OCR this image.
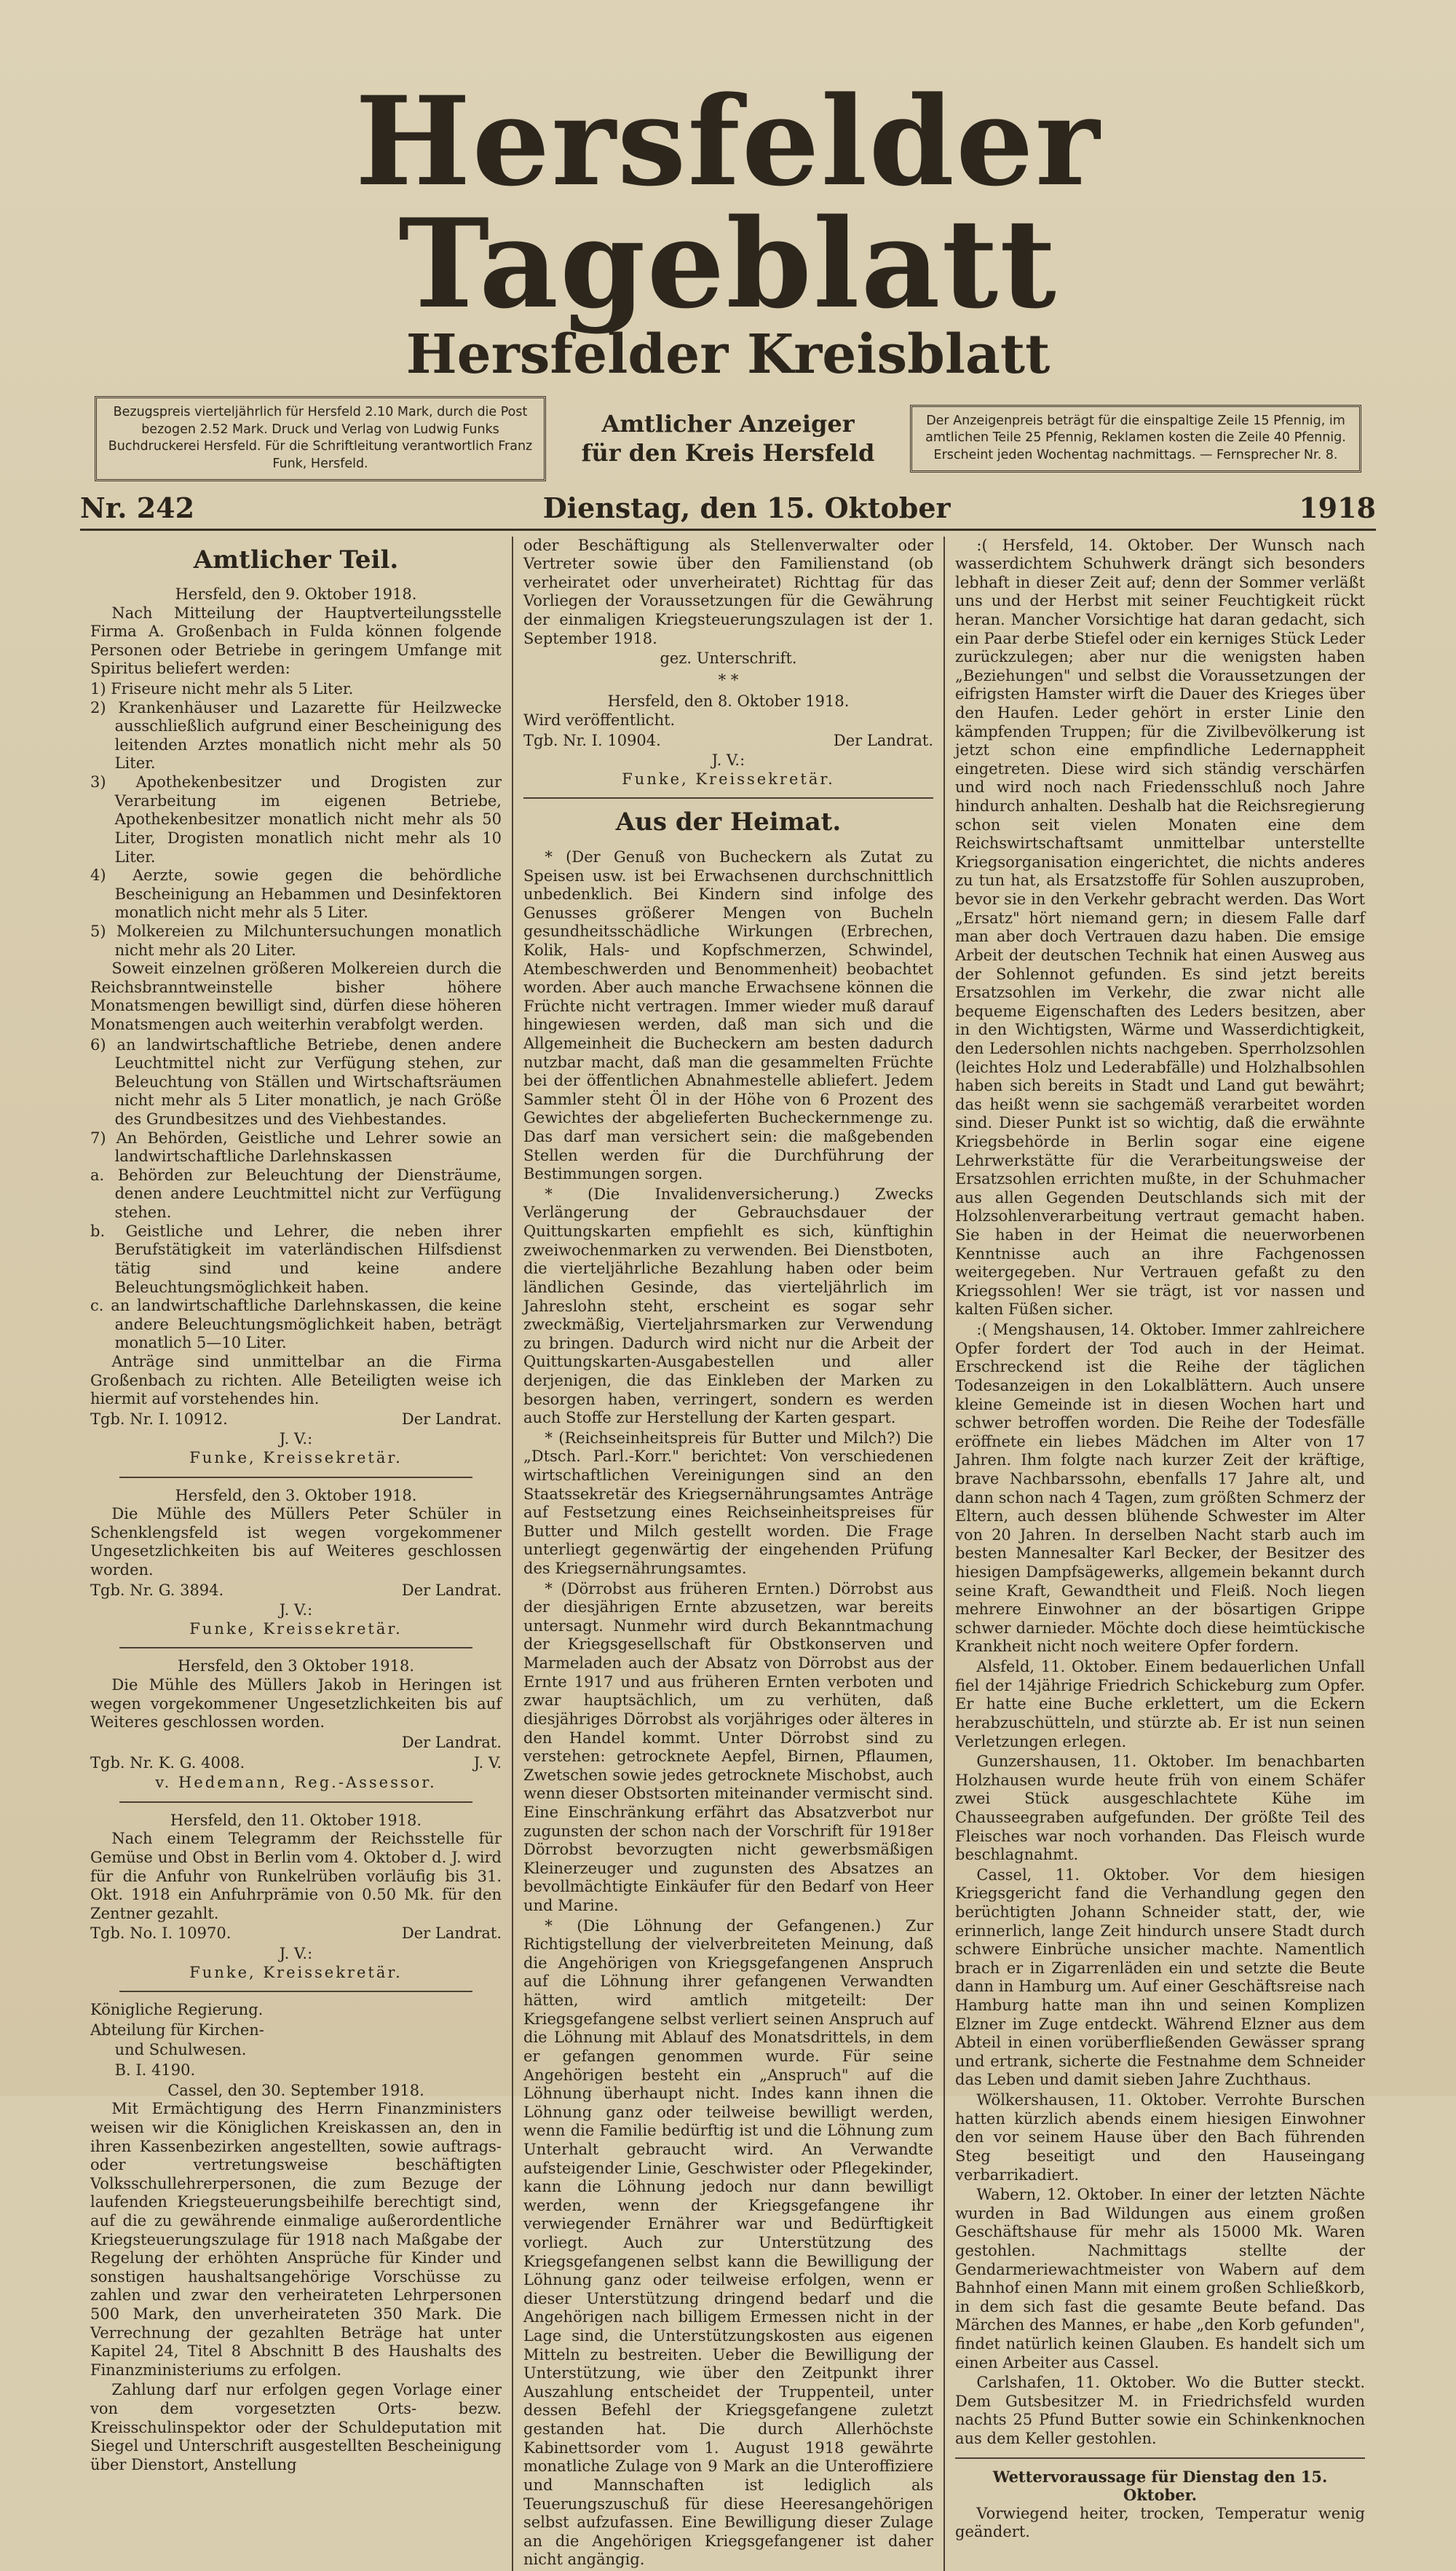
Hersfelder Tageblatt
Hersfelder Kreisblatt
Bezugspreis vierteljährlich für Hersfeld 2.10 Mark, durch die Post bezogen 2.52 Mark. Druck und Verlag von Ludwig Funks Buchdruckerei Hersfeld. Für die Schriftleitung verantwortlich Franz Funk, Hersfeld.
Amtlicher Anzeiger
für den Kreis Hersfeld
Der Anzeigenpreis beträgt für die einspaltige Zeile 15 Pfennig, im amtlichen Teile 25 Pfennig, Reklamen kosten die Zeile 40 Pfennig. Erscheint jeden Wochentag nachmittags. — Fernsprecher Nr. 8.
Nr. 242	Dienstag, den 15. Oktober	1918
Amtlicher Teil.
Hersfeld, den 9. Oktober 1918.

Nach Mitteilung der Hauptverteilungsstelle Firma A. Großenbach in Fulda können folgende Personen oder Betriebe in geringem Umfange mit Spiritus beliefert werden:

1) Friseure nicht mehr als 5 Liter.
2) Krankenhäuser und Lazarette für Heilzwecke ausschließlich aufgrund einer Bescheinigung des leitenden Arztes monatlich nicht mehr als 50 Liter.
3) Apothekenbesitzer und Drogisten zur Verarbeitung im eigenen Betriebe, Apothekenbesitzer monatlich nicht mehr als 50 Liter, Drogisten monatlich nicht mehr als 10 Liter.
4) Aerzte, sowie gegen die behördliche Bescheinigung an Hebammen und Desinfektoren monatlich nicht mehr als 5 Liter.
5) Molkereien zu Milchuntersuchungen monatlich nicht mehr als 20 Liter.

Soweit einzelnen größeren Molkereien durch die Reichsbranntweinstelle bisher höhere Monatsmengen bewilligt sind, dürfen diese höheren Monatsmengen auch weiterhin verabfolgt werden.

6) an landwirtschaftliche Betriebe, denen andere Leuchtmittel nicht zur Verfügung stehen, zur Beleuchtung von Ställen und Wirtschaftsräumen nicht mehr als 5 Liter monatlich, je nach Größe des Grundbesitzes und des Viehbestandes.
7) An Behörden, Geistliche und Lehrer sowie an landwirtschaftliche Darlehnskassen
a. Behörden zur Beleuchtung der Diensträume, denen andere Leuchtmittel nicht zur Verfügung stehen.
b. Geistliche und Lehrer, die neben ihrer Berufstätigkeit im vaterländischen Hilfsdienst tätig sind und keine andere Beleuchtungsmöglichkeit haben.
c. an landwirtschaftliche Darlehnskassen, die keine andere Beleuchtungsmöglichkeit haben, beträgt monatlich 5—10 Liter.

Anträge sind unmittelbar an die Firma Großenbach zu richten. Alle Beteiligten weise ich hiermit auf vorstehendes hin.

Tgb. Nr. I. 10912.	Der Landrat.
J. V.:
Funke, Kreissekretär.
Hersfeld, den 3. Oktober 1918.

Die Mühle des Müllers Peter Schüler in Schenklengsfeld ist wegen vorgekommener Ungesetzlichkeiten bis auf Weiteres geschlossen worden.

Tgb. Nr. G. 3894.	Der Landrat.
J. V.:
Funke, Kreissekretär.
Hersfeld, den 3 Oktober 1918.

Die Mühle des Müllers Jakob in Heringen ist wegen vorgekommener Ungesetzlichkeiten bis auf Weiteres geschlossen worden.

Der Landrat.
Tgb. Nr. K. G. 4008.	J. V.
v. Hedemann, Reg.-Assessor.
Hersfeld, den 11. Oktober 1918.

Nach einem Telegramm der Reichsstelle für Gemüse und Obst in Berlin vom 4. Oktober d. J. wird für die Anfuhr von Runkelrüben vorläufig bis 31. Okt. 1918 ein Anfuhrprämie von 0.50 Mk. für den Zentner gezahlt.

Tgb. No. I. 10970.	Der Landrat.
J. V.:
Funke, Kreissekretär.
Königliche Regierung.
Abteilung für Kirchen-
und Schulwesen.
B. I. 4190.
Cassel, den 30. September 1918.

Mit Ermächtigung des Herrn Finanzministers weisen wir die Königlichen Kreiskassen an, den in ihren Kassenbezirken angestellten, sowie auftrags- oder vertretungsweise beschäftigten Volksschullehrerpersonen, die zum Bezuge der laufenden Kriegsteuerungsbeihilfe berechtigt sind, auf die zu gewährende einmalige außerordentliche Kriegsteuerungszulage für 1918 nach Maßgabe der Regelung der erhöhten Ansprüche für Kinder und sonstigen haushaltsangehörige Vorschüsse zu zahlen und zwar den verheirateten Lehrpersonen 500 Mark, den unverheirateten 350 Mark. Die Verrechnung der gezahlten Beträge hat unter Kapitel 24, Titel 8 Abschnitt B des Haushalts des Finanzministeriums zu erfolgen.

Zahlung darf nur erfolgen gegen Vorlage einer von dem vorgesetzten Orts- bezw. Kreisschulinspektor oder der Schuldeputation mit Siegel und Unterschrift ausgestellten Bescheinigung über Dienstort, Anstellung

oder Beschäftigung als Stellenverwalter oder Vertreter sowie über den Familienstand (ob verheiratet oder unverheiratet) Richttag für das Vorliegen der Voraussetzungen für die Gewährung der einmaligen Kriegsteuerungszulagen ist der 1. September 1918.

gez. Unterschrift.
* *
Hersfeld, den 8. Oktober 1918.
Wird veröffentlicht.
Tgb. Nr. I. 10904.	Der Landrat.
J. V.:
Funke, Kreissekretär.
Aus der Heimat.

* (Der Genuß von Bucheckern als Zutat zu Speisen usw. ist bei Erwachsenen durchschnittlich unbedenklich. Bei Kindern sind infolge des Genusses größerer Mengen von Bucheln gesundheitsschädliche Wirkungen (Erbrechen, Kolik, Hals- und Kopfschmerzen, Schwindel, Atembeschwerden und Benommenheit) beobachtet worden. Aber auch manche Erwachsene können die Früchte nicht vertragen. Immer wieder muß darauf hingewiesen werden, daß man sich und die Allgemeinheit die Bucheckern am besten dadurch nutzbar macht, daß man die gesammelten Früchte bei der öffentlichen Abnahmestelle abliefert. Jedem Sammler steht Öl in der Höhe von 6 Prozent des Gewichtes der abgelieferten Bucheckernmenge zu. Das darf man versichert sein: die maßgebenden Stellen werden für die Durchführung der Bestimmungen sorgen.

* (Die Invalidenversicherung.) Zwecks Verlängerung der Gebrauchsdauer der Quittungskarten empfiehlt es sich, künftighin zweiwochenmarken zu verwenden. Bei Dienstboten, die vierteljährliche Bezahlung haben oder beim ländlichen Gesinde, das vierteljährlich im Jahreslohn steht, erscheint es sogar sehr zweckmäßig, Vierteljahrsmarken zur Verwendung zu bringen. Dadurch wird nicht nur die Arbeit der Quittungskarten-Ausgabestellen und aller derjenigen, die das Einkleben der Marken zu besorgen haben, verringert, sondern es werden auch Stoffe zur Herstellung der Karten gespart.

* (Reichseinheitspreis für Butter und Milch?) Die „Dtsch. Parl.-Korr." berichtet: Von verschiedenen wirtschaftlichen Vereinigungen sind an den Staatssekretär des Kriegsernährungsamtes Anträge auf Festsetzung eines Reichseinheitspreises für Butter und Milch gestellt worden. Die Frage unterliegt gegenwärtig der eingehenden Prüfung des Kriegsernährungsamtes.

* (Dörrobst aus früheren Ernten.) Dörrobst aus der diesjährigen Ernte abzusetzen, war bereits untersagt. Nunmehr wird durch Bekanntmachung der Kriegsgesellschaft für Obstkonserven und Marmeladen auch der Absatz von Dörrobst aus der Ernte 1917 und aus früheren Ernten verboten und zwar hauptsächlich, um zu verhüten, daß diesjähriges Dörrobst als vorjähriges oder älteres in den Handel kommt. Unter Dörrobst sind zu verstehen: getrocknete Aepfel, Birnen, Pflaumen, Zwetschen sowie jedes getrocknete Mischobst, auch wenn dieser Obstsorten miteinander vermischt sind. Eine Einschränkung erfährt das Absatzverbot nur zugunsten der schon nach der Vorschrift für 1918er Dörrobst bevorzugten nicht gewerbsmäßigen Kleinerzeuger und zugunsten des Absatzes an bevollmächtigte Einkäufer für den Bedarf von Heer und Marine.

* (Die Löhnung der Gefangenen.) Zur Richtigstellung der vielverbreiteten Meinung, daß die Angehörigen von Kriegsgefangenen Anspruch auf die Löhnung ihrer gefangenen Verwandten hätten, wird amtlich mitgeteilt: Der Kriegsgefangene selbst verliert seinen Anspruch auf die Löhnung mit Ablauf des Monatsdrittels, in dem er gefangen genommen wurde. Für seine Angehörigen besteht ein „Anspruch" auf die Löhnung überhaupt nicht. Indes kann ihnen die Löhnung ganz oder teilweise bewilligt werden, wenn die Familie bedürftig ist und die Löhnung zum Unterhalt gebraucht wird. An Verwandte aufsteigender Linie, Geschwister oder Pflegekinder, kann die Löhnung jedoch nur dann bewilligt werden, wenn der Kriegsgefangene ihr verwiegender Ernährer war und Bedürftigkeit vorliegt. Auch zur Unterstützung des Kriegsgefangenen selbst kann die Bewilligung der Löhnung ganz oder teilweise erfolgen, wenn er dieser Unterstützung dringend bedarf und die Angehörigen nach billigem Ermessen nicht in der Lage sind, die Unterstützungskosten aus eigenen Mitteln zu bestreiten. Ueber die Bewilligung der Unterstützung, wie über den Zeitpunkt ihrer Auszahlung entscheidet der Truppenteil, unter dessen Befehl der Kriegsgefangene zuletzt gestanden hat. Die durch Allerhöchste Kabinettsorder vom 1. August 1918 gewährte monatliche Zulage von 9 Mark an die Unteroffiziere und Mannschaften ist lediglich als Teuerungszuschuß für diese Heeresangehörigen selbst aufzufassen. Eine Bewilligung dieser Zulage an die Angehörigen Kriegsgefangener ist daher nicht angängig.

:( Hersfeld, 14. Oktober. Der Wunsch nach wasserdichtem Schuhwerk drängt sich besonders lebhaft in dieser Zeit auf; denn der Sommer verläßt uns und der Herbst mit seiner Feuchtigkeit rückt heran. Mancher Vorsichtige hat daran gedacht, sich ein Paar derbe Stiefel oder ein kerniges Stück Leder zurückzulegen; aber nur die wenigsten haben „Beziehungen" und selbst die Voraussetzungen der eifrigsten Hamster wirft die Dauer des Krieges über den Haufen. Leder gehört in erster Linie den kämpfenden Truppen; für die Zivilbevölkerung ist jetzt schon eine empfindliche Ledernappheit eingetreten. Diese wird sich ständig verschärfen und wird noch nach Friedensschluß noch Jahre hindurch anhalten. Deshalb hat die Reichsregierung schon seit vielen Monaten eine dem Reichswirtschaftsamt unmittelbar unterstellte Kriegsorganisation eingerichtet, die nichts anderes zu tun hat, als Ersatzstoffe für Sohlen auszuproben, bevor sie in den Verkehr gebracht werden. Das Wort „Ersatz" hört niemand gern; in diesem Falle darf man aber doch Vertrauen dazu haben. Die emsige Arbeit der deutschen Technik hat einen Ausweg aus der Sohlennot gefunden. Es sind jetzt bereits Ersatzsohlen im Verkehr, die zwar nicht alle bequeme Eigenschaften des Leders besitzen, aber in den Wichtigsten, Wärme und Wasserdichtigkeit, den Ledersohlen nichts nachgeben. Sperrholzsohlen (leichtes Holz und Lederabfälle) und Holzhalbsohlen haben sich bereits in Stadt und Land gut bewährt; das heißt wenn sie sachgemäß verarbeitet worden sind. Dieser Punkt ist so wichtig, daß die erwähnte Kriegsbehörde in Berlin sogar eine eigene Lehrwerkstätte für die Verarbeitungsweise der Ersatzsohlen errichten mußte, in der Schuhmacher aus allen Gegenden Deutschlands sich mit der Holzsohlenverarbeitung vertraut gemacht haben. Sie haben in der Heimat die neuerworbenen Kenntnisse auch an ihre Fachgenossen weitergegeben. Nur Vertrauen gefaßt zu den Kriegssohlen! Wer sie trägt, ist vor nassen und kalten Füßen sicher.

:( Mengshausen, 14. Oktober. Immer zahlreichere Opfer fordert der Tod auch in der Heimat. Erschreckend ist die Reihe der täglichen Todesanzeigen in den Lokalblättern. Auch unsere kleine Gemeinde ist in diesen Wochen hart und schwer betroffen worden. Die Reihe der Todesfälle eröffnete ein liebes Mädchen im Alter von 17 Jahren. Ihm folgte nach kurzer Zeit der kräftige, brave Nachbarssohn, ebenfalls 17 Jahre alt, und dann schon nach 4 Tagen, zum größten Schmerz der Eltern, auch dessen blühende Schwester im Alter von 20 Jahren. In derselben Nacht starb auch im besten Mannesalter Karl Becker, der Besitzer des hiesigen Dampfsägewerks, allgemein bekannt durch seine Kraft, Gewandtheit und Fleiß. Noch liegen mehrere Einwohner an der bösartigen Grippe schwer darnieder. Möchte doch diese heimtückische Krankheit nicht noch weitere Opfer fordern.

Alsfeld, 11. Oktober. Einem bedauerlichen Unfall fiel der 14jährige Friedrich Schickeburg zum Opfer. Er hatte eine Buche erklettert, um die Eckern herabzuschütteln, und stürzte ab. Er ist nun seinen Verletzungen erlegen.

Gunzershausen, 11. Oktober. Im benachbarten Holzhausen wurde heute früh von einem Schäfer zwei Stück ausgeschlachtete Kühe im Chausseegraben aufgefunden. Der größte Teil des Fleisches war noch vorhanden. Das Fleisch wurde beschlagnahmt.

Cassel, 11. Oktober. Vor dem hiesigen Kriegsgericht fand die Verhandlung gegen den berüchtigten Johann Schneider statt, der, wie erinnerlich, lange Zeit hindurch unsere Stadt durch schwere Einbrüche unsicher machte. Namentlich brach er in Zigarrenläden ein und setzte die Beute dann in Hamburg um. Auf einer Geschäftsreise nach Hamburg hatte man ihn und seinen Komplizen Elzner im Zuge entdeckt. Während Elzner aus dem Abteil in einen vorüberfließenden Gewässer sprang und ertrank, sicherte die Festnahme dem Schneider das Leben und damit sieben Jahre Zuchthaus.

Wölkershausen, 11. Oktober. Verrohte Burschen hatten kürzlich abends einem hiesigen Einwohner den vor seinem Hause über den Bach führenden Steg beseitigt und den Hauseingang verbarrikadiert.

Wabern, 12. Oktober. In einer der letzten Nächte wurden in Bad Wildungen aus einem großen Geschäftshause für mehr als 15000 Mk. Waren gestohlen. Nachmittags stellte der Gendarmeriewachtmeister von Wabern auf dem Bahnhof einen Mann mit einem großen Schließkorb, in dem sich fast die gesamte Beute befand. Das Märchen des Mannes, er habe „den Korb gefunden", findet natürlich keinen Glauben. Es handelt sich um einen Arbeiter aus Cassel.

Carlshafen, 11. Oktober. Wo die Butter steckt. Dem Gutsbesitzer M. in Friedrichsfeld wurden nachts 25 Pfund Butter sowie ein Schinkenknochen aus dem Keller gestohlen.

Wettervoraussage für Dienstag den 15. Oktober.

Vorwiegend heiter, trocken, Temperatur wenig geändert.
